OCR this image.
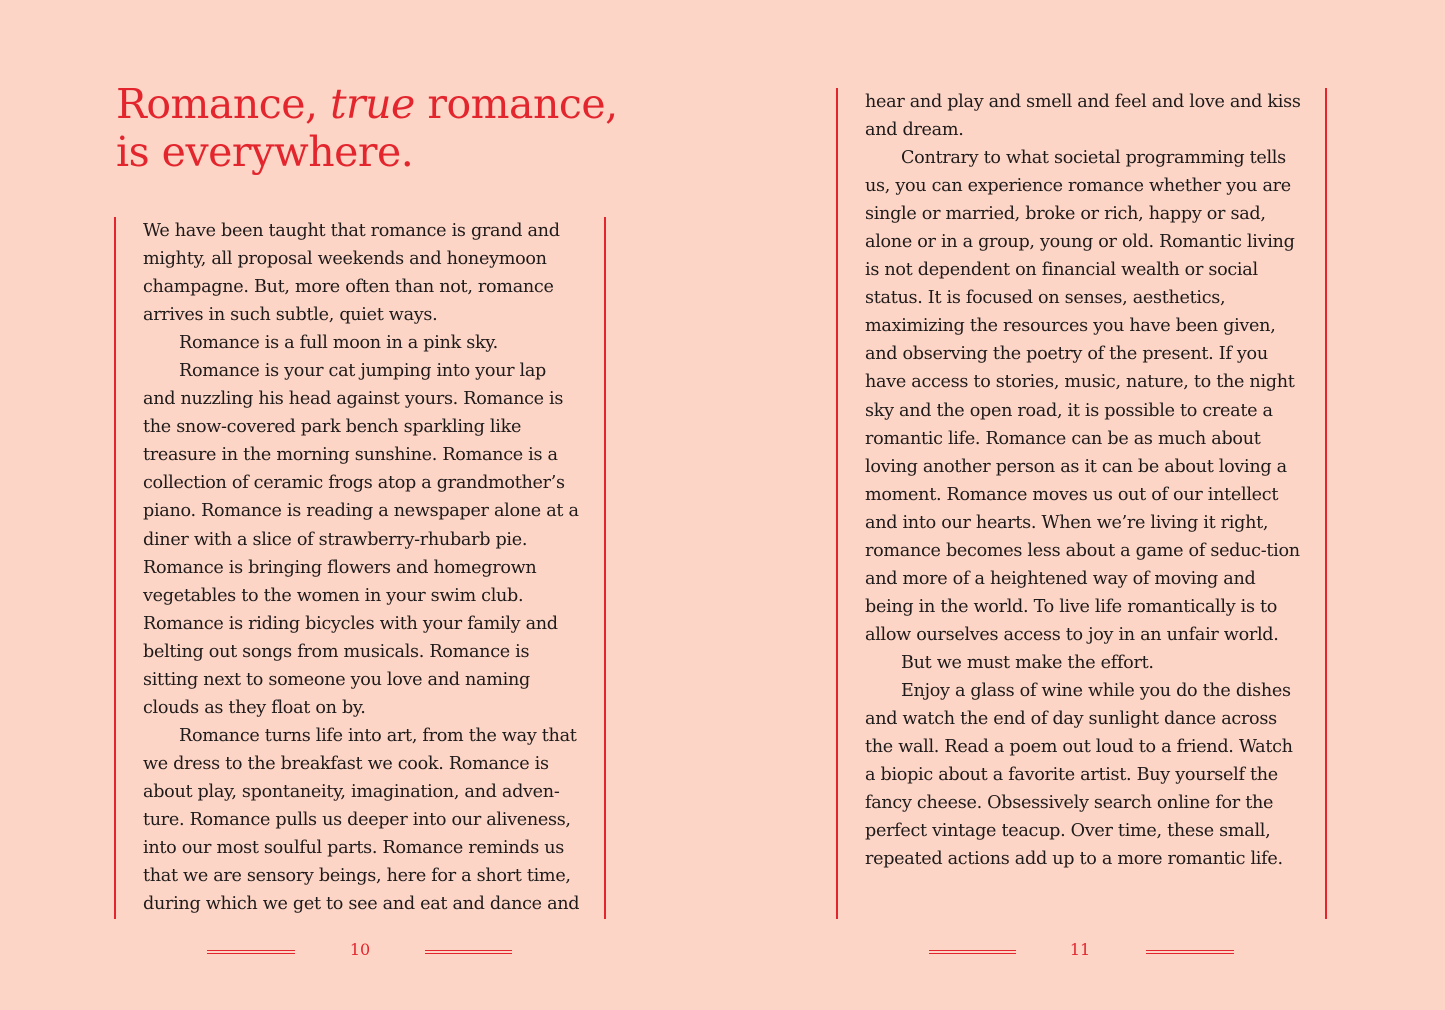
Romance, true romance,
is everywhere.

We have been taught that romance is grand and mighty, all proposal weekends and honeymoon champagne. But, more often than not, romance arrives in such subtle, quiet ways.

Romance is a full moon in a pink sky.

Romance is your cat jumping into your lap and nuzzling his head against yours. Romance is the snow-covered park bench sparkling like treasure in the morning sunshine. Romance is a collection of ceramic frogs atop a grandmother’s piano. Romance is reading a newspaper alone at a diner with a slice of strawberry-rhubarb pie. Romance is bringing flowers and homegrown vegetables to the women in your swim club. Romance is riding bicycles with your family and belting out songs from musicals. Romance is sitting next to someone you love and naming clouds as they float on by.

Romance turns life into art, from the way that we dress to the breakfast we cook. Romance is about play, spontaneity, imagination, and adven-ture. Romance pulls us deeper into our aliveness, into our most soulful parts. Romance reminds us that we are sensory beings, here for a short time, during which we get to see and eat and dance and

10

hear and play and smell and feel and love and kiss and dream.

Contrary to what societal programming tells us, you can experience romance whether you are single or married, broke or rich, happy or sad, alone or in a group, young or old. Romantic living is not dependent on financial wealth or social status. It is focused on senses, aesthetics, maximizing the resources you have been given, and observing the poetry of the present. If you have access to stories, music, nature, to the night sky and the open road, it is possible to create a romantic life. Romance can be as much about loving another person as it can be about loving a moment. Romance moves us out of our intellect and into our hearts. When we’re living it right, romance becomes less about a game of seduc-tion and more of a heightened way of moving and being in the world. To live life romantically is to allow ourselves access to joy in an unfair world.

But we must make the effort.

Enjoy a glass of wine while you do the dishes and watch the end of day sunlight dance across the wall. Read a poem out loud to a friend. Watch a biopic about a favorite artist. Buy yourself the fancy cheese. Obsessively search online for the perfect vintage teacup. Over time, these small, repeated actions add up to a more romantic life.

11
